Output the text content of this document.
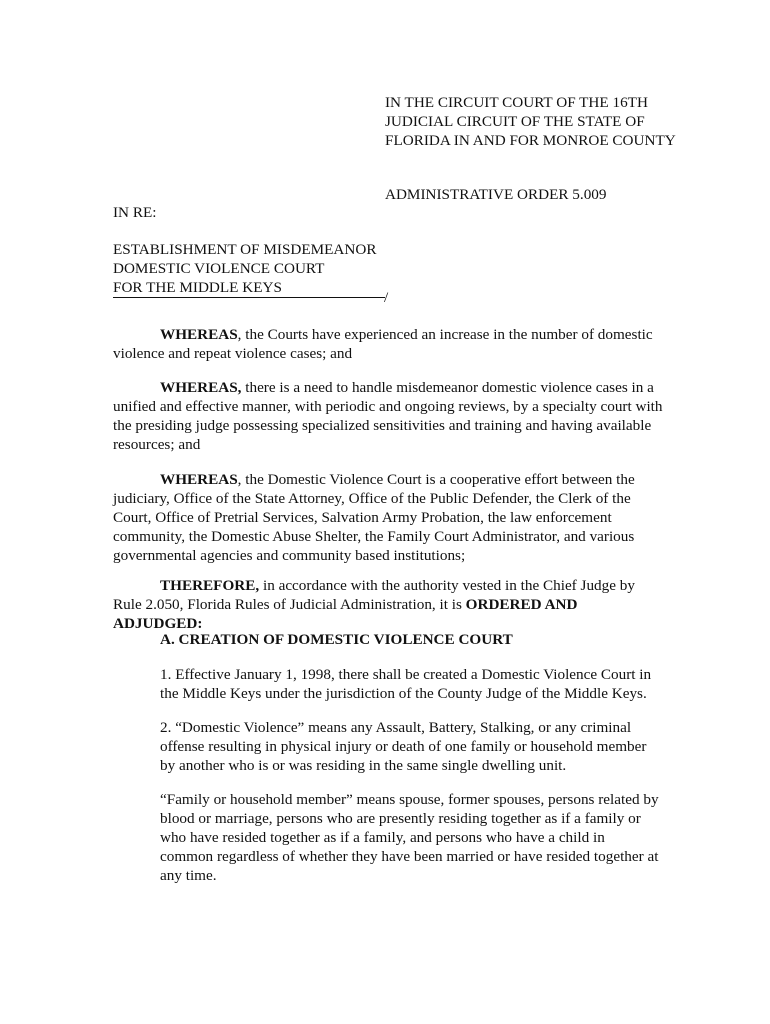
IN THE CIRCUIT COURT OF THE 16TH JUDICIAL CIRCUIT OF THE STATE OF FLORIDA IN AND FOR MONROE COUNTY

ADMINISTRATIVE ORDER 5.009

IN RE:

ESTABLISHMENT OF MISDEMEANOR
DOMESTIC VIOLENCE COURT
FOR THE MIDDLE KEYS
/

WHEREAS, the Courts have experienced an increase in the number of domestic violence and repeat violence cases; and

WHEREAS, there is a need to handle misdemeanor domestic violence cases in a unified and effective manner, with periodic and ongoing reviews, by a specialty court with the presiding judge possessing specialized sensitivities and training and having available resources; and

WHEREAS, the Domestic Violence Court is a cooperative effort between the judiciary, Office of the State Attorney, Office of the Public Defender, the Clerk of the Court, Office of Pretrial Services, Salvation Army Probation, the law enforcement community, the Domestic Abuse Shelter, the Family Court Administrator, and various governmental agencies and community based institutions;

THEREFORE, in accordance with the authority vested in the Chief Judge by Rule 2.050, Florida Rules of Judicial Administration, it is ORDERED AND ADJUDGED:

A. CREATION OF DOMESTIC VIOLENCE COURT

1. Effective January 1, 1998, there shall be created a Domestic Violence Court in the Middle Keys under the jurisdiction of the County Judge of the Middle Keys.

2. “Domestic Violence” means any Assault, Battery, Stalking, or any criminal offense resulting in physical injury or death of one family or household member by another who is or was residing in the same single dwelling unit.

“Family or household member” means spouse, former spouses, persons related by blood or marriage, persons who are presently residing together as if a family or who have resided together as if a family, and persons who have a child in common regardless of whether they have been married or have resided together at any time.
